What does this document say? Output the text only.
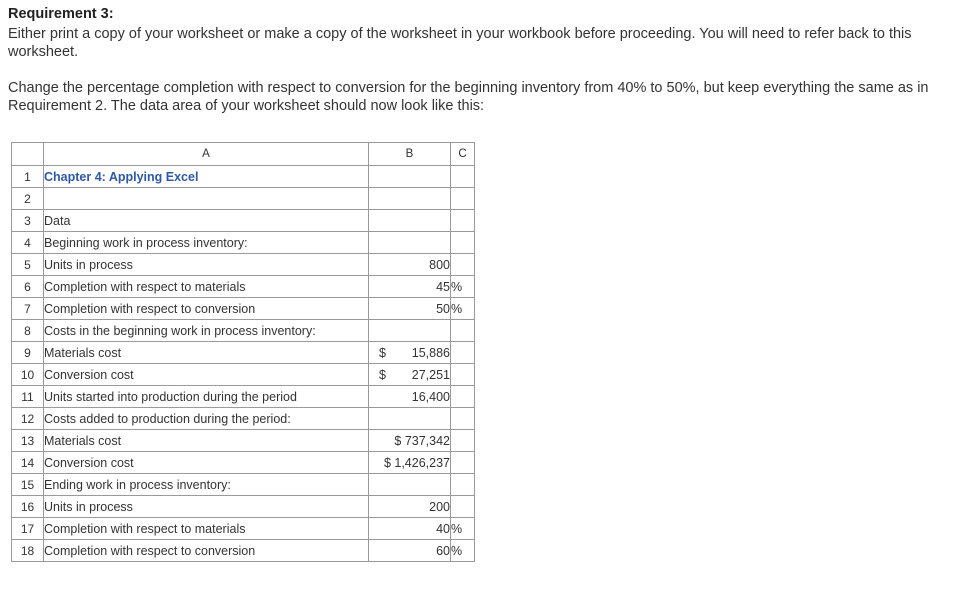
Requirement 3:
Either print a copy of your worksheet or make a copy of the worksheet in your workbook before proceeding. You will need to refer back to this worksheet.
Change the percentage completion with respect to conversion for the beginning inventory from 40% to 50%, but keep everything the same as in Requirement 2. The data area of your worksheet should now look like this:
	A	B	C
1	Chapter 4: Applying Excel		
2			
3	Data		
4	Beginning work in process inventory:		
5	Units in process	800	
6	Completion with respect to materials	45	%
7	Completion with respect to conversion	50	%
8	Costs in the beginning work in process inventory:		
9	Materials cost	$ 15,886	

10	Conversion cost	$ 27,251	

11	Units started into production during the period	16,400	
12	Costs added to production during the period:		
13	Materials cost	$ 737,342	
14	Conversion cost	$ 1,426,237	
15	Ending work in process inventory:		
16	Units in process	200	
17	Completion with respect to materials	40	%
18	Completion with respect to conversion	60	%
